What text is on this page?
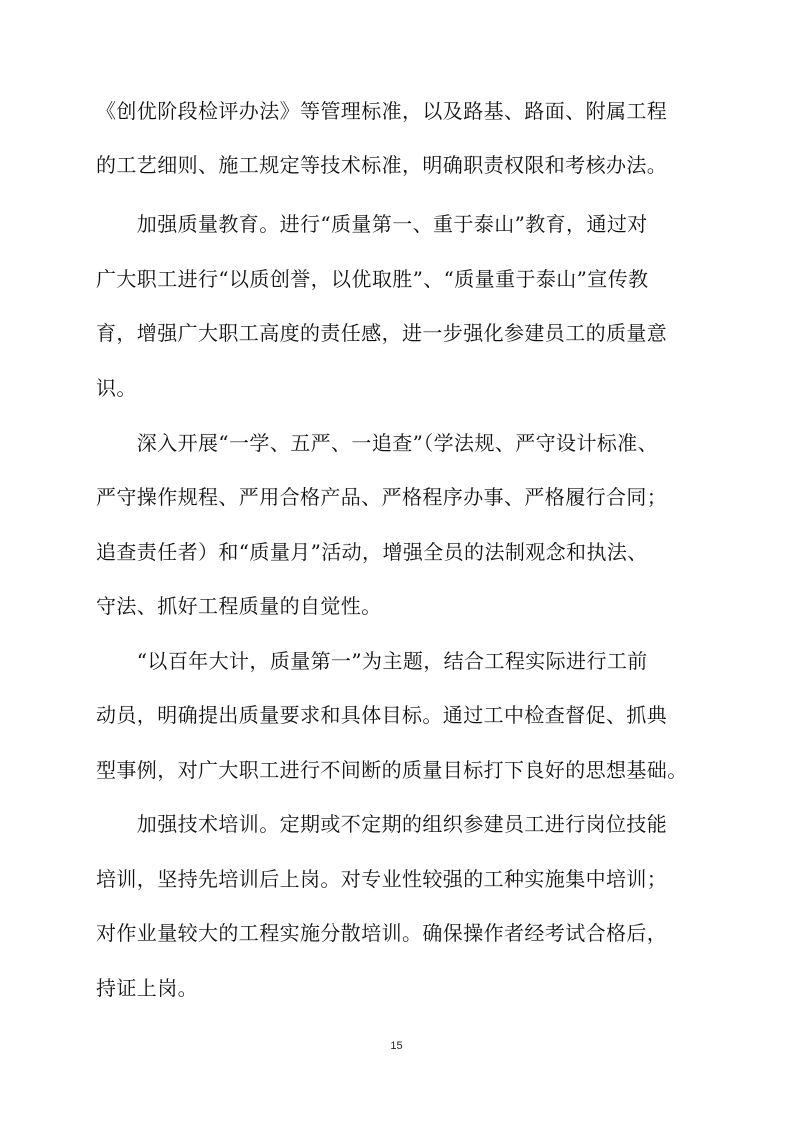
《创优阶段检评办法》等管理标准，以及路基、路面、附属工程
的工艺细则、施工规定等技术标准，明确职责权限和考核办法。
　　加强质量教育。进行“质量第一、重于泰山”教育，通过对
广大职工进行“以质创誉，以优取胜”、“质量重于泰山”宣传教
育，增强广大职工高度的责任感，进一步强化参建员工的质量意
识。
　　深入开展“一学、五严、一追查”（学法规、严守设计标准、
严守操作规程、严用合格产品、严格程序办事、严格履行合同；
追查责任者）和“质量月”活动，增强全员的法制观念和执法、
守法、抓好工程质量的自觉性。
　　“以百年大计，质量第一”为主题，结合工程实际进行工前
动员，明确提出质量要求和具体目标。通过工中检查督促、抓典
型事例，对广大职工进行不间断的质量目标打下良好的思想基础。
　　加强技术培训。定期或不定期的组织参建员工进行岗位技能
培训，坚持先培训后上岗。对专业性较强的工种实施集中培训；
对作业量较大的工程实施分散培训。确保操作者经考试合格后，
持证上岗。
15
